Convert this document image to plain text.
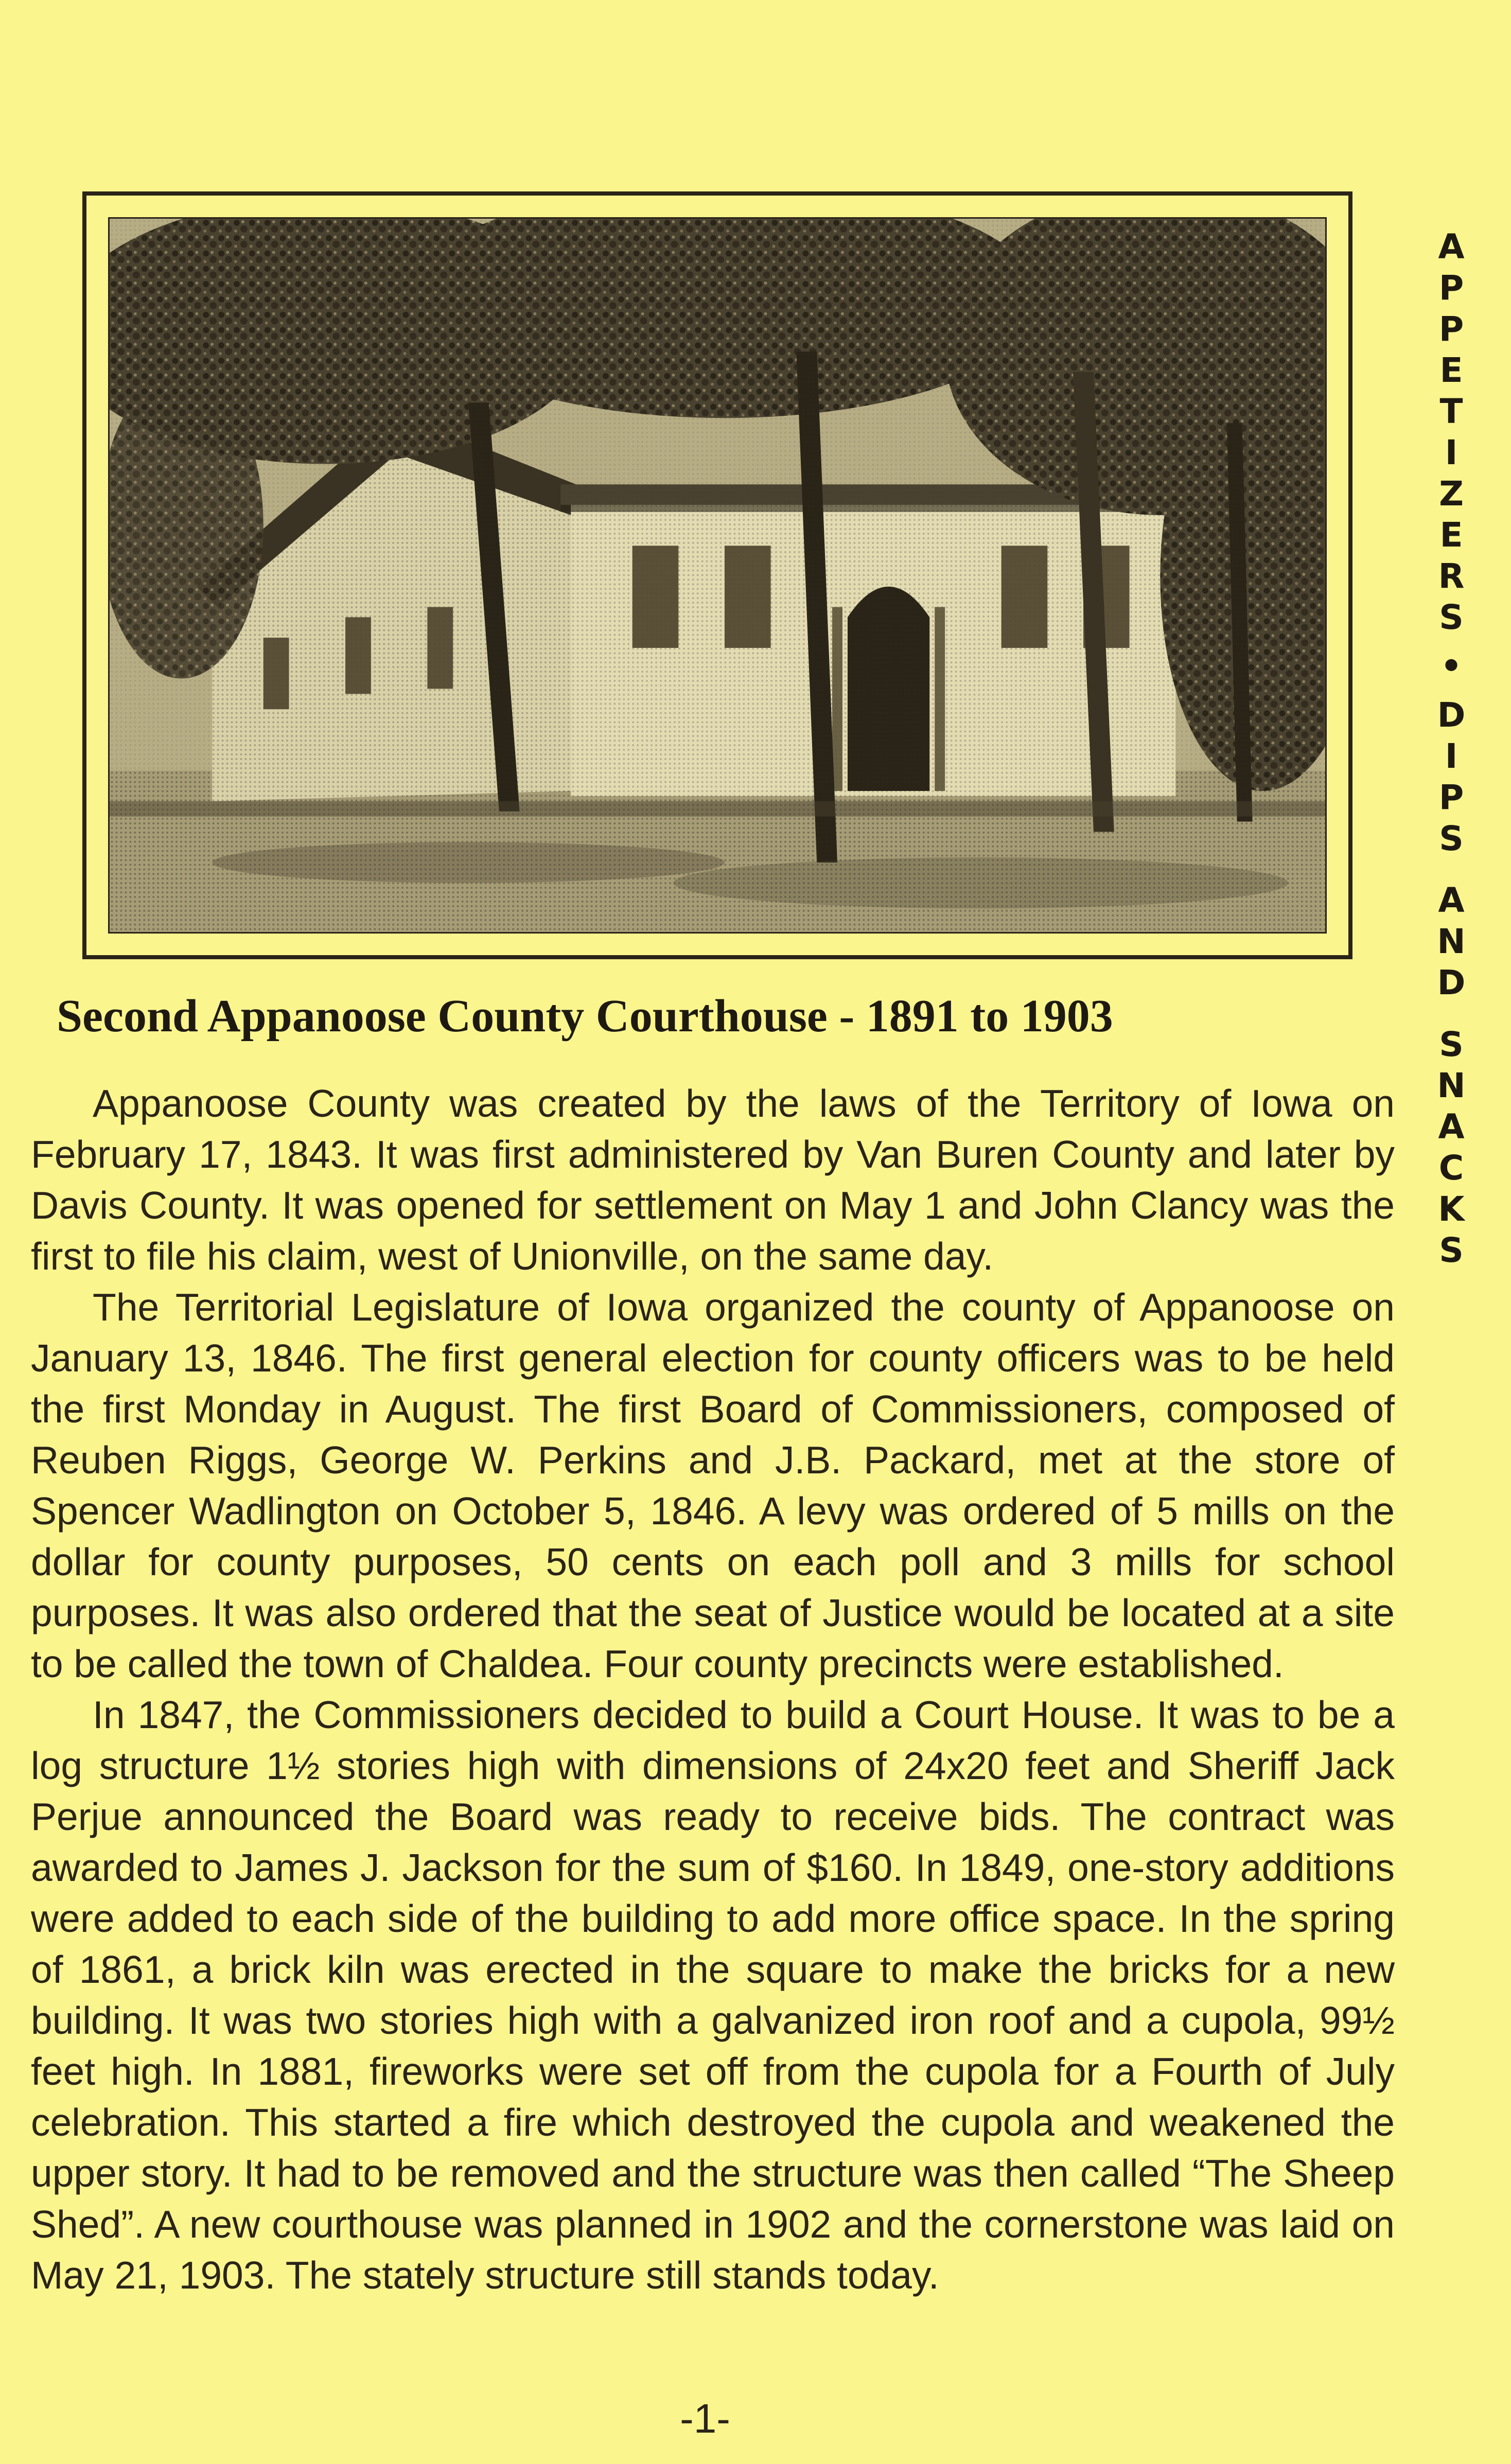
A
P
P
E
T
I
Z
E
R
S
•
D
I
P
S
A
N
D
S
N
A
C
K
S
Second Appanoose County Courthouse - 1891 to 1903

Appanoose County was created by the laws of the Territory of Iowa on February 17, 1843. It was first administered by Van Buren County and later by Davis County. It was opened for settlement on May 1 and John Clancy was the first to file his claim, west of Unionville, on the same day.

The Territorial Legislature of Iowa organized the county of Appanoose on January 13, 1846. The first general election for county officers was to be held the first Monday in August. The first Board of Commissioners, composed of Reuben Riggs, George W. Perkins and J.B. Packard, met at the store of Spencer Wadlington on October 5, 1846. A levy was ordered of 5 mills on the dollar for county purposes, 50 cents on each poll and 3 mills for school purposes. It was also ordered that the seat of Justice would be located at a site to be called the town of Chaldea. Four county precincts were established.

In 1847, the Commissioners decided to build a Court House. It was to be a log structure 1½ stories high with dimensions of 24x20 feet and Sheriff Jack Perjue announced the Board was ready to receive bids. The contract was awarded to James J. Jackson for the sum of $160. In 1849, one-story additions were added to each side of the building to add more office space. In the spring of 1861, a brick kiln was erected in the square to make the bricks for a new building. It was two stories high with a galvanized iron roof and a cupola, 99½ feet high. In 1881, fireworks were set off from the cupola for a Fourth of July celebration. This started a fire which destroyed the cupola and weakened the upper story. It had to be removed and the structure was then called “The Sheep Shed”. A new courthouse was planned in 1902 and the cornerstone was laid on May 21, 1903. The stately structure still stands today.

-1-
